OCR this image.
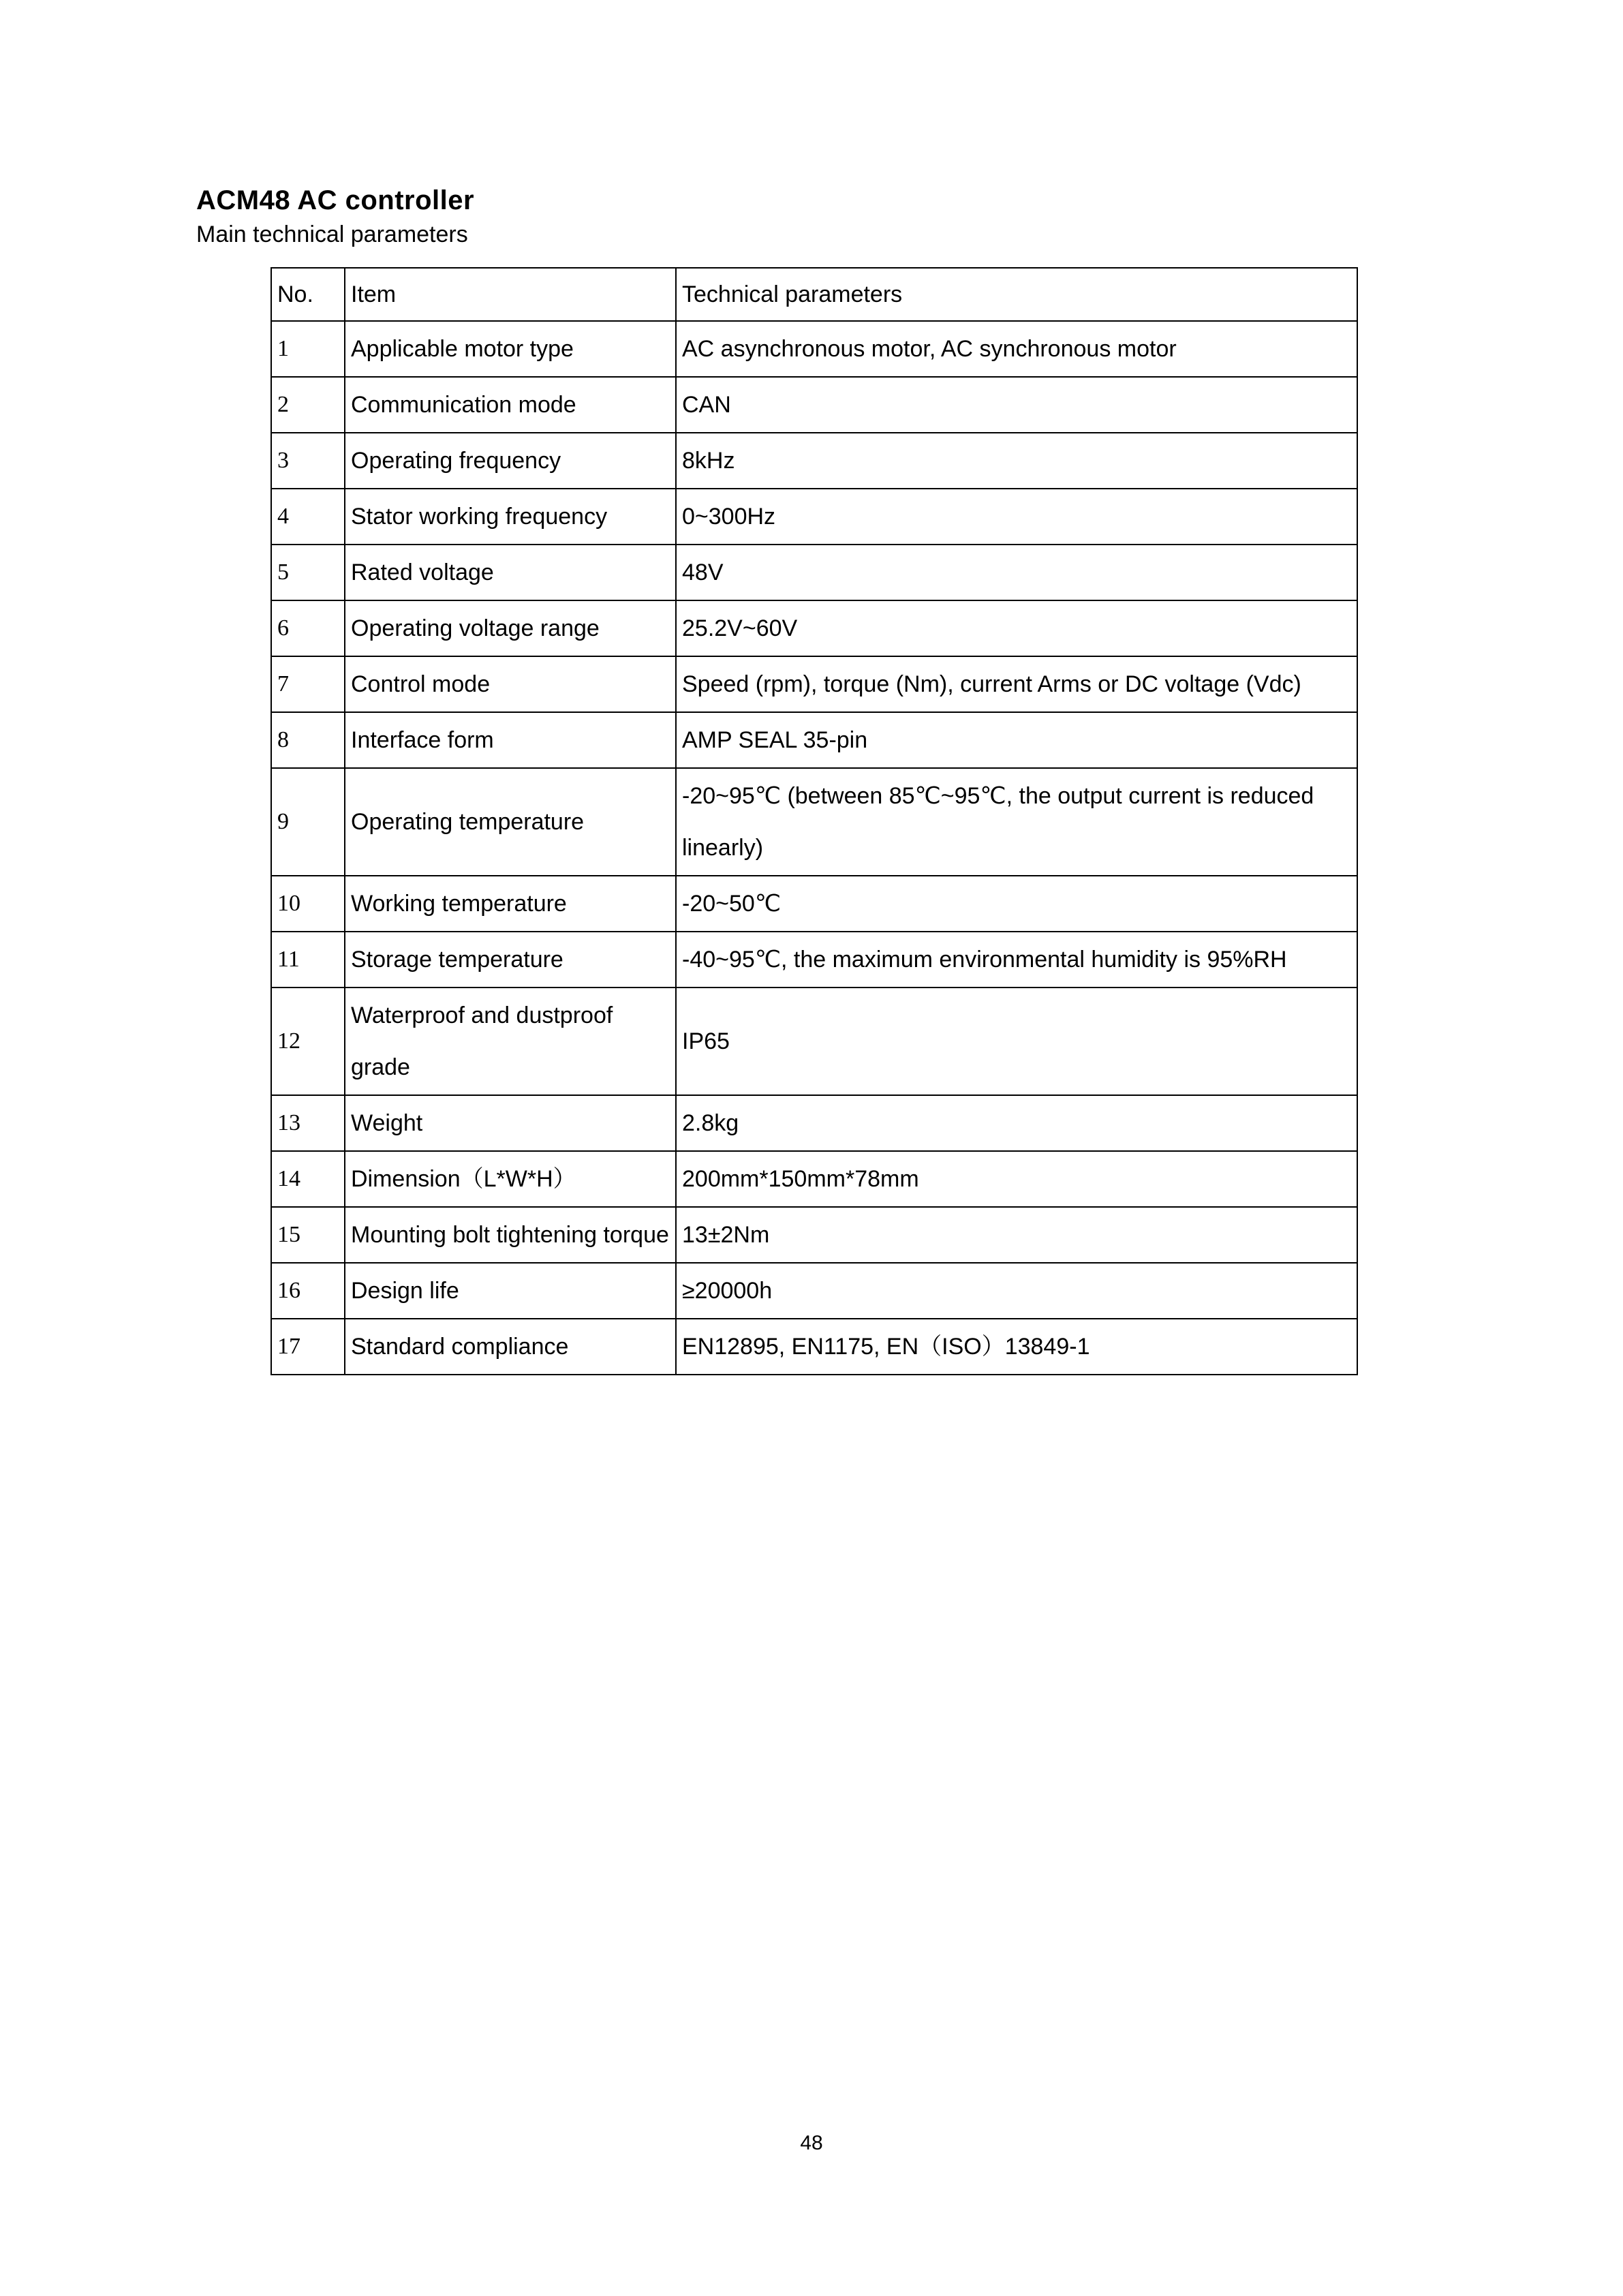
ACM48 AC controller
Main technical parameters
No.	Item	Technical parameters
1	Applicable motor type	AC asynchronous motor, AC synchronous motor
2	Communication mode	CAN
3	Operating frequency	8kHz
4	Stator working frequency	0~300Hz
5	Rated voltage	48V
6	Operating voltage range	25.2V~60V
7	Control mode	Speed (rpm), torque (Nm), current Arms or DC voltage (Vdc)
8	Interface form	AMP SEAL 35-pin
9	Operating temperature	-20~95℃ (between 85℃~95℃, the output current is reduced linearly)
10	Working temperature	-20~50℃
11	Storage temperature	-40~95℃, the maximum environmental humidity is 95%RH
12	Waterproof and dustproof grade	IP65
13	Weight	2.8kg
14	Dimension（L*W*H）	200mm*150mm*78mm
15	Mounting bolt tightening torque	13±2Nm
16	Design life	≥20000h
17	Standard compliance	EN12895, EN1175, EN（ISO）13849-1
48
